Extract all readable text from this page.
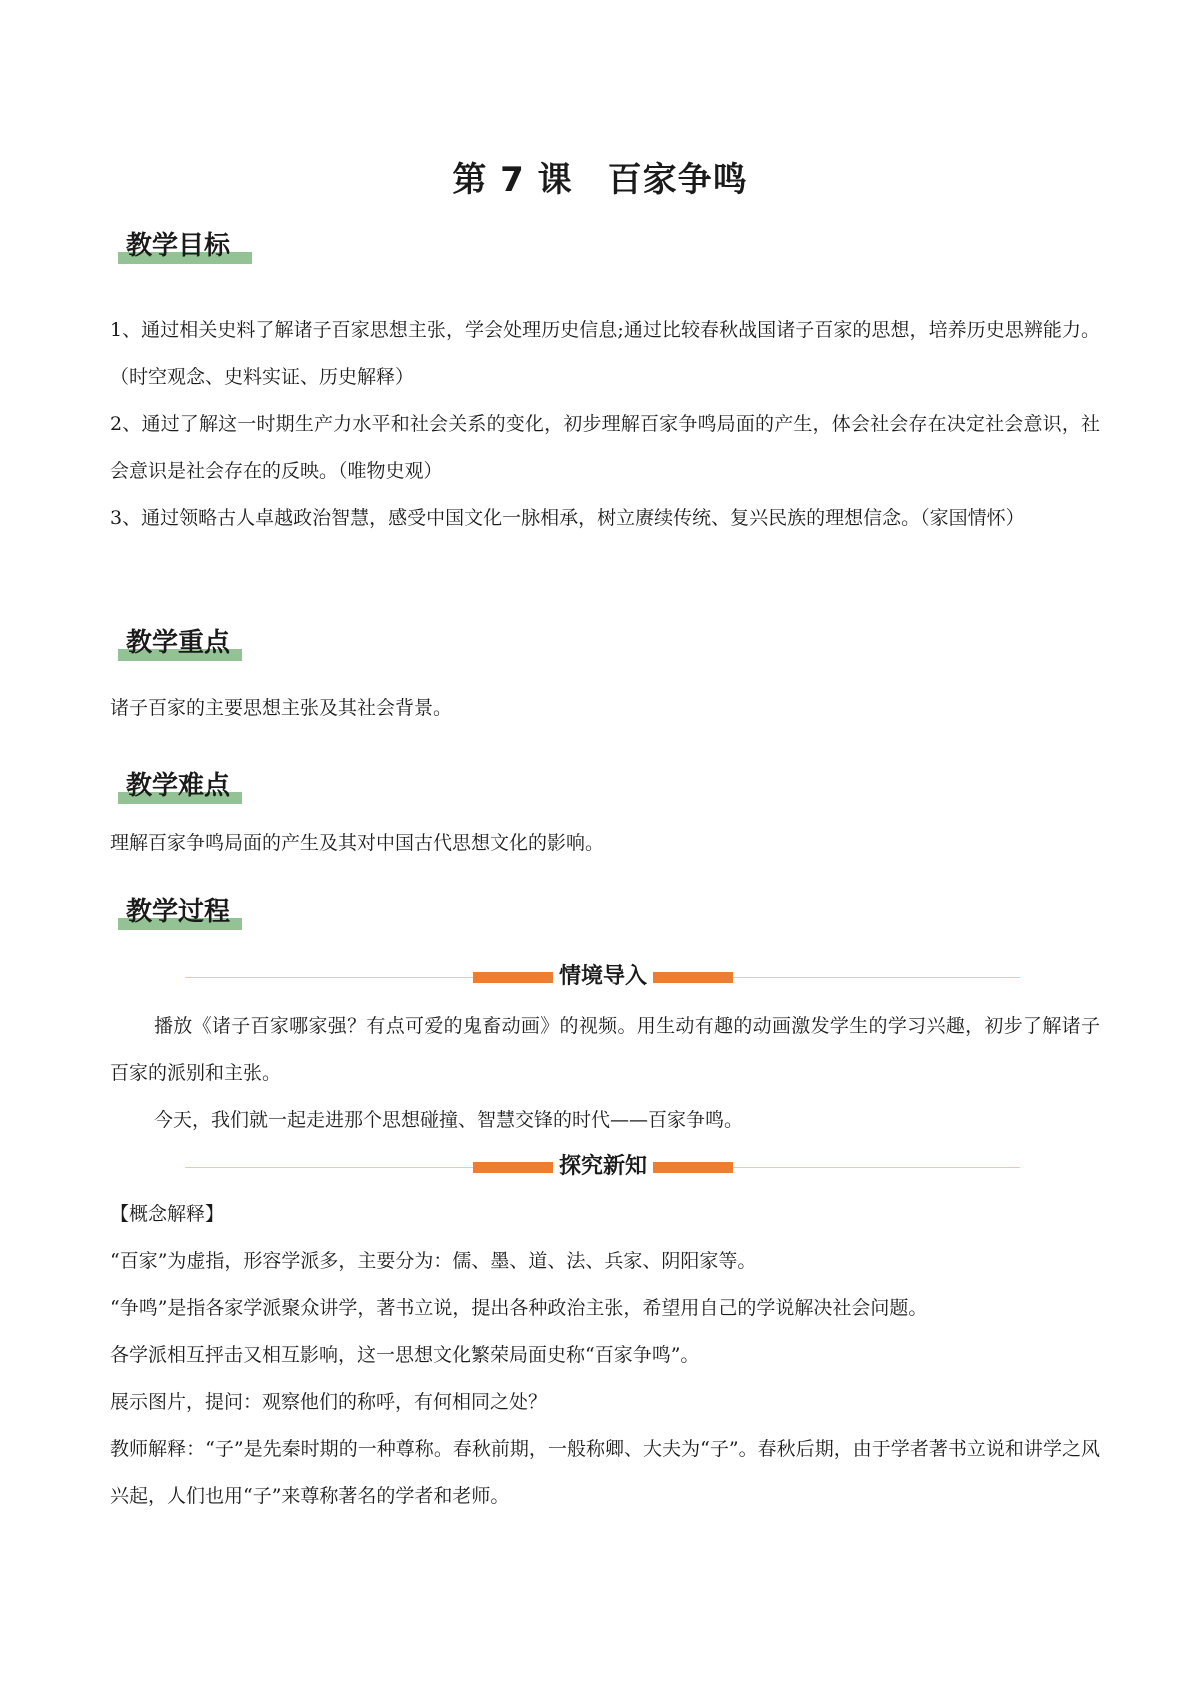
第 7 课　百家争鸣
教学目标

1、通过相关史料了解诸子百家思想主张，学会处理历史信息;通过比较春秋战国诸子百家的思想，培养历史思辨能力。（时空观念、史料实证、历史解释）

2、通过了解这一时期生产力水平和社会关系的变化，初步理解百家争鸣局面的产生，体会社会存在决定社会意识，社会意识是社会存在的反映。（唯物史观）

3、通过领略古人卓越政治智慧，感受中国文化一脉相承，树立赓续传统、复兴民族的理想信念。（家国情怀）

教学重点
诸子百家的主要思想主张及其社会背景。
教学难点
理解百家争鸣局面的产生及其对中国古代思想文化的影响。
教学过程
情境导入
播放《诸子百家哪家强？有点可爱的鬼畜动画》的视频。用生动有趣的动画激发学生的学习兴趣，初步了解诸子百家的派别和主张。
今天，我们就一起走进那个思想碰撞、智慧交锋的时代——百家争鸣。
探究新知

【概念解释】

“百家”为虚指，形容学派多，主要分为：儒、墨、道、法、兵家、阴阳家等。

“争鸣”是指各家学派聚众讲学，著书立说，提出各种政治主张，希望用自己的学说解决社会问题。

各学派相互抨击又相互影响，这一思想文化繁荣局面史称“百家争鸣”。

展示图片，提问：观察他们的称呼，有何相同之处？

教师解释：“子”是先秦时期的一种尊称。春秋前期，一般称卿、大夫为“子”。春秋后期，由于学者著书立说和讲学之风兴起，人们也用“子”来尊称著名的学者和老师。
